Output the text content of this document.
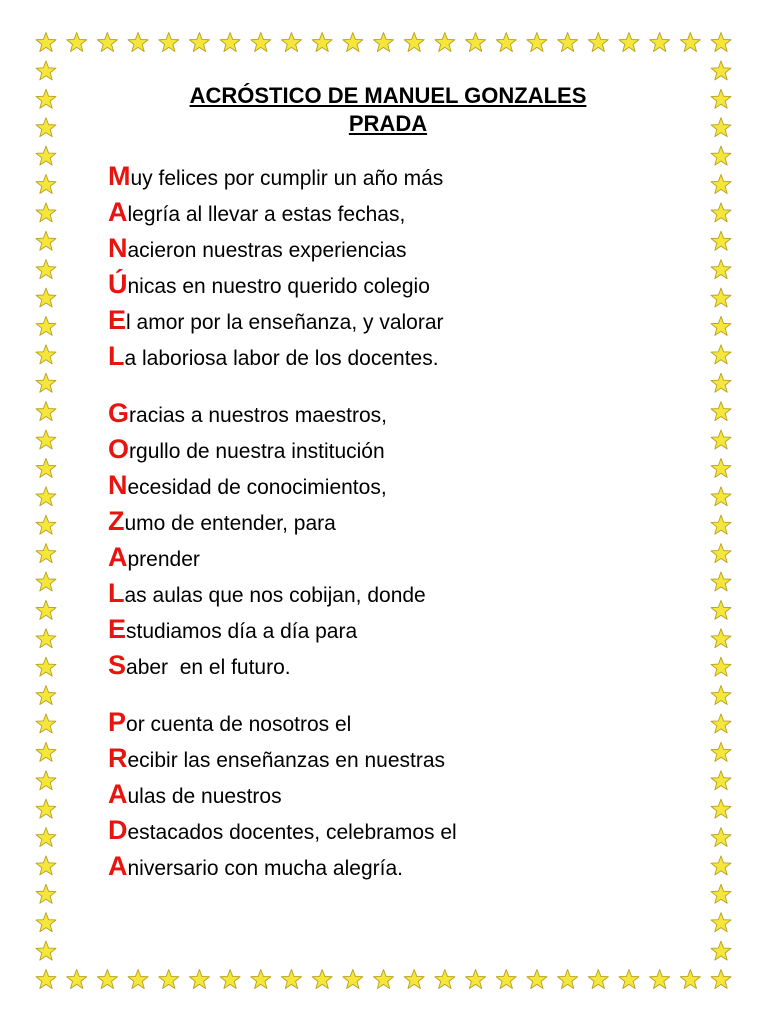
ACRÓSTICO DE MANUEL GONZALES
PRADA
Muy felices por cumplir un año más
Alegría al llevar a estas fechas,
Nacieron nuestras experiencias
Únicas en nuestro querido colegio
El amor por la enseñanza, y valorar
La laboriosa labor de los docentes.
Gracias a nuestros maestros,
Orgullo de nuestra institución
Necesidad de conocimientos,
Zumo de entender, para
Aprender
Las aulas que nos cobijan, donde
Estudiamos día a día para
Saber  en el futuro.
Por cuenta de nosotros el
Recibir las enseñanzas en nuestras
Aulas de nuestros
Destacados docentes, celebramos el
Aniversario con mucha alegría.
